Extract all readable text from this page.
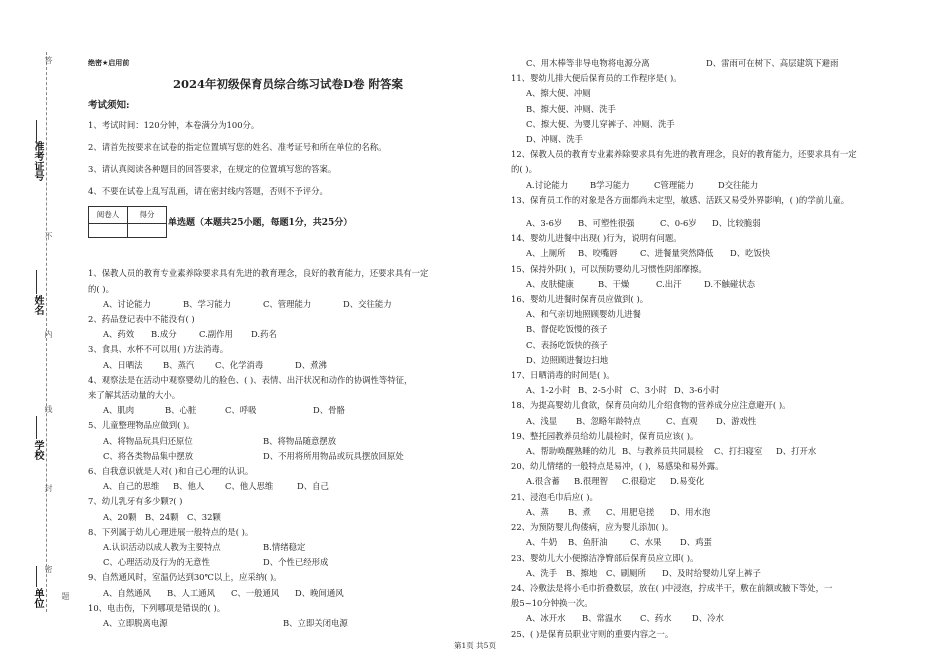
答
不
内
线
封
密
题
准考证号
姓名
学校
单位
绝密★启用前
2024年初级保育员综合练习试卷D卷 附答案
考试须知:
1、考试时间：120分钟，本卷满分为100分。
2、请首先按要求在试卷的指定位置填写您的姓名、准考证号和所在单位的名称。
3、请认真阅读各种题目的回答要求，在规定的位置填写您的答案。
4、不要在试卷上乱写乱画，请在密封线内答题，否则不予评分。
阅卷人	得分

单选题（本题共25小题，每题1分，共25分）
1、保教人员的教育专业素养除要求具有先进的教育理念，良好的教育能力，还要求具有一定
的( )。
A、讨论能力	B、学习能力	C、管理能力	D、交往能力
2、药品登记表中不能没有( )
A、药效 B.成分	C.副作用 D.药名
3、食具、水杯不可以用( )方法消毒。
A、日晒法 B、蒸汽 C、化学消毒	D、煮沸
4、观察法是在活动中观察婴幼儿的脸色、( )、表情、出汗状况和动作的协调性等特征，
来了解其活动量的大小。
A、肌肉	B、心脏	C、呼吸	D、骨骼
5、儿童整理物品应做到( )。
A、将物品玩具归还原位	B、将物品随意摆放
C、将各类物品集中摆放	D、不用将所用物品或玩具摆放回原处
6、自我意识就是人对( )和自己心理的认识。
A、自己的思维 B、他人 C、他人思维	D、自己
7、幼儿乳牙有多少颗?( )
A、20颗 B、24颗 C、32颗
8、下列属于幼儿心理进展一般特点的是( )。
A.认识活动以成人教为主要特点	B.情绪稳定
C、心理活动及行为的无意性	D、个性已经形成
9、自然通风时，室温仍达到30℃以上，应采纳( )。
A、自然通风 B、人工通风 C、一般通风 D、晚间通风
10、电击伤，下列哪项是错误的( )。
A、立即脱离电源	B、立即关闭电源
C、用木棒等非导电物将电源分离	D、雷雨可在树下、高层建筑下避雨
11、婴幼儿排大便后保育员的工作程序是( )。
A、擦大便、冲厕
B、擦大便、冲厕、洗手
C、擦大便、为婴儿穿裤子、冲厕、洗手
D、冲厕、洗手
12、保教人员的教育专业素养除要求具有先进的教育理念，良好的教育能力，还要求具有一定
的( )。
A.讨论能力	B学习能力	C管理能力	D交往能力
13、保育员工作的对象是各方面都尚未定型，敏感、活跃又易受外界影响，( )的学前儿童。
A、3-6岁 B、可塑性很强	C、0-6岁 D、比较脆弱
14、婴幼儿进餐中出现( )行为，说明有问题。
A、上厕所 B、咬嘴唇	C、进餐量突然降低 D、吃饭快
15、保持外阴( )，可以预防婴幼儿习惯性阴部摩擦。
A、皮肤健康	B、干燥	C.出汗	D.不触碰状态
16、婴幼儿进餐时保育员应做到( )。
A、和气亲切地照顾婴幼儿进餐
B、督促吃饭慢的孩子
C、表扬吃饭快的孩子
D、边照顾进餐边扫地
17、日晒消毒的时间是( )。
A、1-2小时 B、2-5小时 C、3小时 D、3-6小时
18、为提高婴幼儿食欲，保育员向幼儿介绍食物的营养成分应注意避开( )。
A、浅显 B、忽略年龄特点	C、直观 D、游戏性
19、整托园教养员给幼儿晨检时，保育员应该( )。
A、帮助唤醒熟睡的幼儿 B、与教养员共同晨检 C、打扫寝室 D、打开水
20、幼儿情绪的一般特点是易冲，( )，易感染和易外露。
A.很含蓄 B.很理智 C.很稳定 D.易变化
21、浸泡毛巾后应( )。
A、蒸 B、煮 C、用肥皂搓 D、用水泡
22、为预防婴儿佝偻病，应为婴儿添加( )。
A、牛奶 B、鱼肝油	C、水果 D、鸡蛋
23、婴幼儿大小便擦洁净臀部后保育员应立即( )。
A、洗手 B、擦地 C、刷厕所 D、及时给婴幼儿穿上裤子
24、冷敷法是将小毛巾折叠数层，放在( )中浸泡，拧成半干，敷在前额或腋下等处，一
般5~10分钟换一次。
A、冰开水 B、常温水 C、药水 D、冷水
25、( )是保育员职业守则的重要内容之一。
第1页 共5页
